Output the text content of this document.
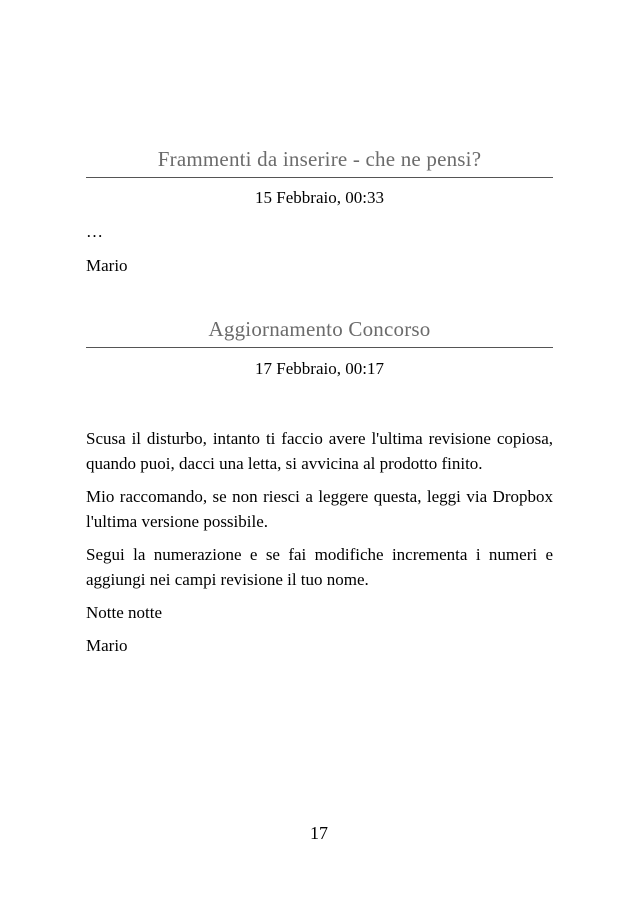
Frammenti da inserire - che ne pensi?
15 Febbraio, 00:33
…
Mario
Aggiornamento Concorso
17 Febbraio, 00:17

Scusa il disturbo, intanto ti faccio avere l'ultima revisione copiosa, quando puoi, dacci una letta, si avvicina al prodotto finito.

Mio raccomando, se non riesci a leggere questa, leggi via Dropbox l'ultima versione possibile.

Segui la numerazione e se fai modifiche incrementa i numeri e aggiungi nei campi revisione il tuo nome.

Notte notte

Mario

17
